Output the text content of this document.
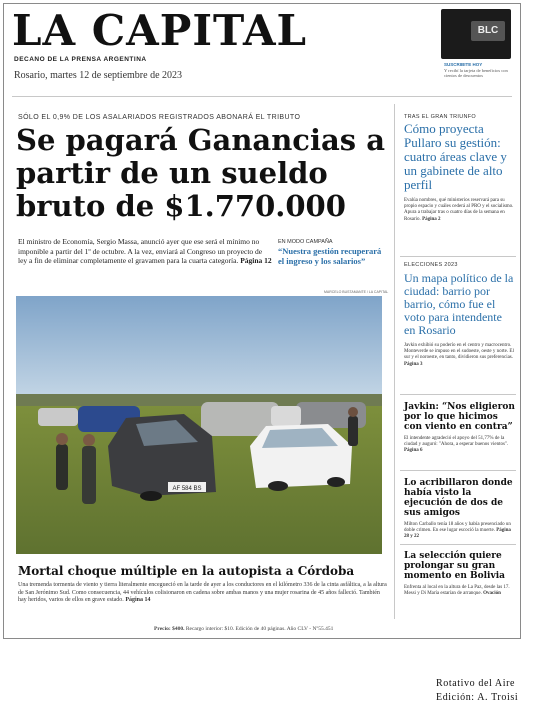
LA CAPITAL
DECANO DE LA PRENSA ARGENTINA
Rosario, martes 12 de septiembre de 2023
BLC
SUSCRIBITE HOY
Y recibí la tarjeta de beneficios con cientos de descuentos
SÓLO EL 0,9% DE LOS ASALARIADOS REGISTRADOS ABONARÁ EL TRIBUTO
Se pagará Ganancias a partir de un sueldo bruto de $1.770.000
El ministro de Economía, Sergio Massa, anunció ayer que ese será el mínimo no imponible a partir del 1º de octubre. A la vez, enviará al Congreso un proyecto de ley a fin de eliminar completamente el gravamen para la cuarta categoría. Página 12
EN MODO CAMPAÑA
“Nuestra gestión recuperará el ingreso y los salarios”
MARCELO BUSTAMANTE / LA CAPITAL
AF 584 BS
Mortal choque múltiple en la autopista a Córdoba
Una tremenda tormenta de viento y tierra literalmente encegueció en la tarde de ayer a los conductores en el kilómetro 336 de la cinta asfáltica, a la altura de San Jerónimo Sud. Como consecuencia, 44 vehículos colisionaron en cadena sobre ambas manos y una mujer rosarina de 45 años falleció. También hay heridos, varios de ellos en grave estado. Página 14
Precio: $400. Recargo interior: $10. Edición de 40 páginas. Año CLV - Nº55.451
TRAS EL GRAN TRIUNFO
Cómo proyecta Pullaro su gestión: cuatro áreas clave y un gabinete de alto perfil
Evalúa nombres, qué ministerios reservará para su propio espacio y cuáles cederá al PRO y el socialismo. Apura a trabajar tras o cuatro días de la semana en Rosario. Página 2
ELECCIONES 2023
Un mapa político de la ciudad: barrio por barrio, cómo fue el voto para intendente en Rosario
Javkin exhibió su poderío en el centro y macrocentro. Monteverde se impuso en el sudoeste, oeste y norte. El sur y el noroeste, en tanto, dividieron sus preferencias. Página 3
Javkin: “Nos eligieron por lo que hicimos con viento en contra”
El intendente agradeció el apoyo del 51,77% de la ciudad y auguró: "Ahora, a esperar buenos vientos". Página 6
Lo acribillaron donde había visto la ejecución de dos de sus amigos
Milton Carballo tenía 18 años y había presenciado un doble crimen. En ese lugar escoció la muerte. Página 28 y 22
La selección quiere prolongar su gran momento en Bolivia
Enfrenta al local en la altura de La Paz, desde las 17. Messi y Di María estarían de arranque. Ovación
Rotativo del Aire
Edición: A. Troisi
